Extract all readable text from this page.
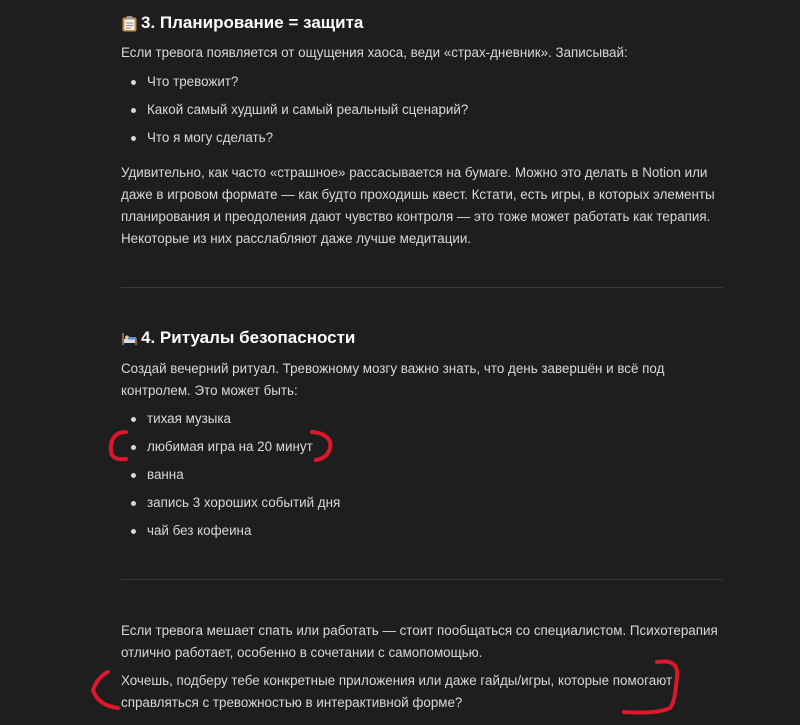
3. Планирование = защита

Если тревога появляется от ощущения хаоса, веди «страх-дневник». Записывай:

Что тревожит?
Какой самый худший и самый реальный сценарий?
Что я могу сделать?

Удивительно, как часто «страшное» рассасывается на бумаге. Можно это делать в Notion или даже в игровом формате — как будто проходишь квест. Кстати, есть игры, в которых элементы планирования и преодоления дают чувство контроля — это тоже может работать как терапия. Некоторые из них расслабляют даже лучше медитации.

4. Ритуалы безопасности

Создай вечерний ритуал. Тревожному мозгу важно знать, что день завершён и всё под контролем. Это может быть:

тихая музыка
любимая игра на 20 минут
ванна
запись 3 хороших событий дня
чай без кофеина

Если тревога мешает спать или работать — стоит пообщаться со специалистом. Психотерапия отлично работает, особенно в сочетании с самопомощью.

Хочешь, подберу тебе конкретные приложения или даже гайды/игры, которые помогают справляться с тревожностью в интерактивной форме?
